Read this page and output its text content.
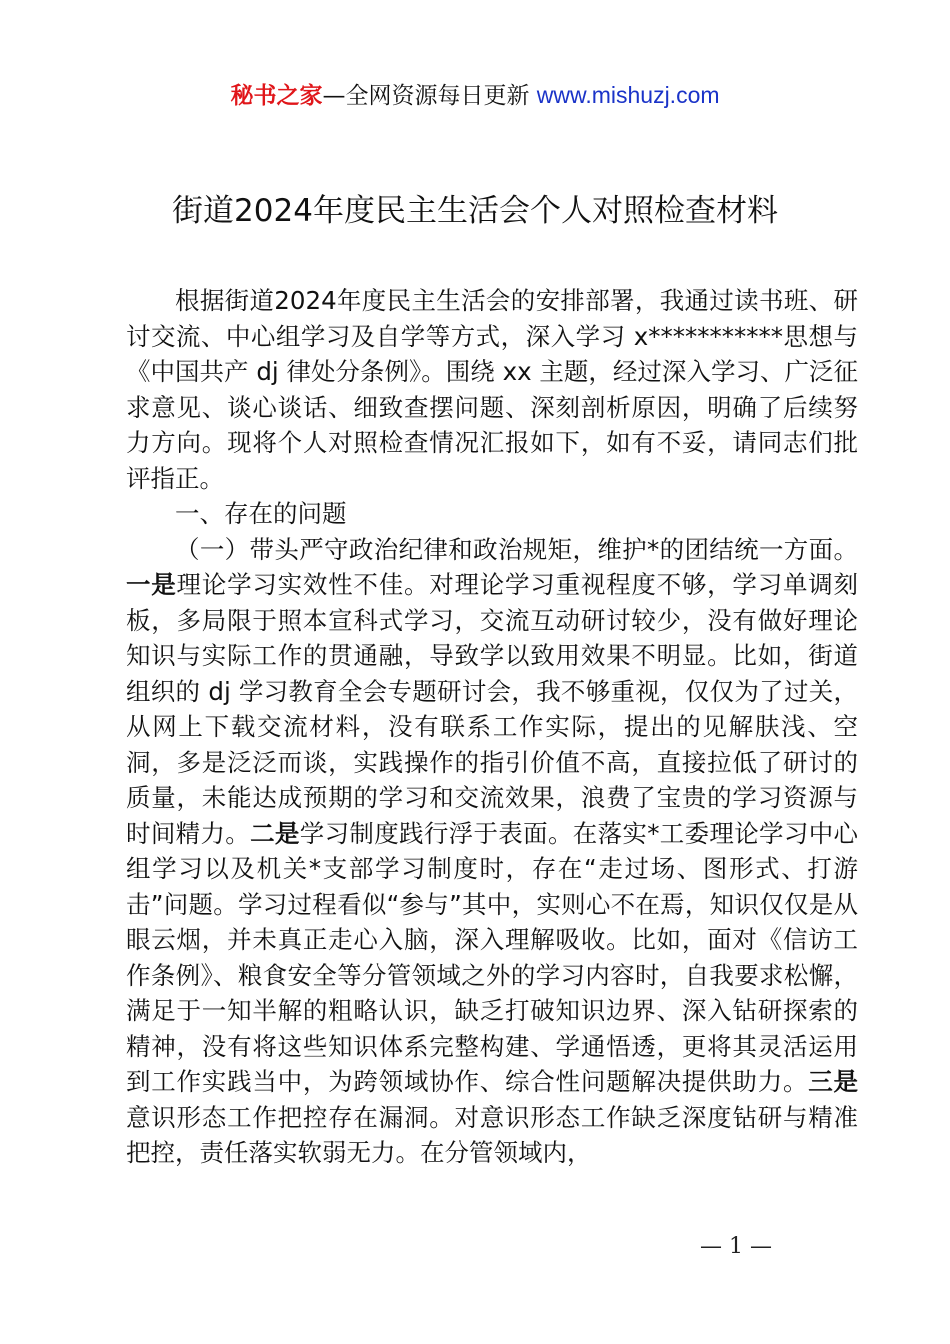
秘书之家—全网资源每日更新 www.mishuzj.com
街道2024年度民主生活会个人对照检查材料

根据街道2024年度民主生活会的安排部署，我通过读书班、研讨交流、中心组学习及自学等方式，深入学习 x***********思想与《中国共产 dj 律处分条例》。围绕 xx 主题，经过深入学习、广泛征求意见、谈心谈话、细致查摆问题、深刻剖析原因，明确了后续努力方向。现将个人对照检查情况汇报如下，如有不妥，请同志们批评指正。

一、存在的问题

（一）带头严守政治纪律和政治规矩，维护*的团结统一方面。一是理论学习实效性不佳。对理论学习重视程度不够，学习单调刻板，多局限于照本宣科式学习，交流互动研讨较少，没有做好理论知识与实际工作的贯通融，导致学以致用效果不明显。比如，街道组织的 dj 学习教育全会专题研讨会，我不够重视，仅仅为了过关，从网上下载交流材料，没有联系工作实际，提出的见解肤浅、空洞，多是泛泛而谈，实践操作的指引价值不高，直接拉低了研讨的质量，未能达成预期的学习和交流效果，浪费了宝贵的学习资源与时间精力。二是学习制度践行浮于表面。在落实*工委理论学习中心组学习以及机关*支部学习制度时，存在“走过场、图形式、打游击”问题。学习过程看似“参与”其中，实则心不在焉，知识仅仅是从眼云烟，并未真正走心入脑，深入理解吸收。比如，面对《信访工作条例》、粮食安全等分管领域之外的学习内容时，自我要求松懈，满足于一知半解的粗略认识，缺乏打破知识边界、深入钻研探索的精神，没有将这些知识体系完整构建、学通悟透，更将其灵活运用到工作实践当中，为跨领域协作、综合性问题解决提供助力。三是意识形态工作把控存在漏洞。对意识形态工作缺乏深度钻研与精准把控，责任落实软弱无力。在分管领域内，

— 1 —
